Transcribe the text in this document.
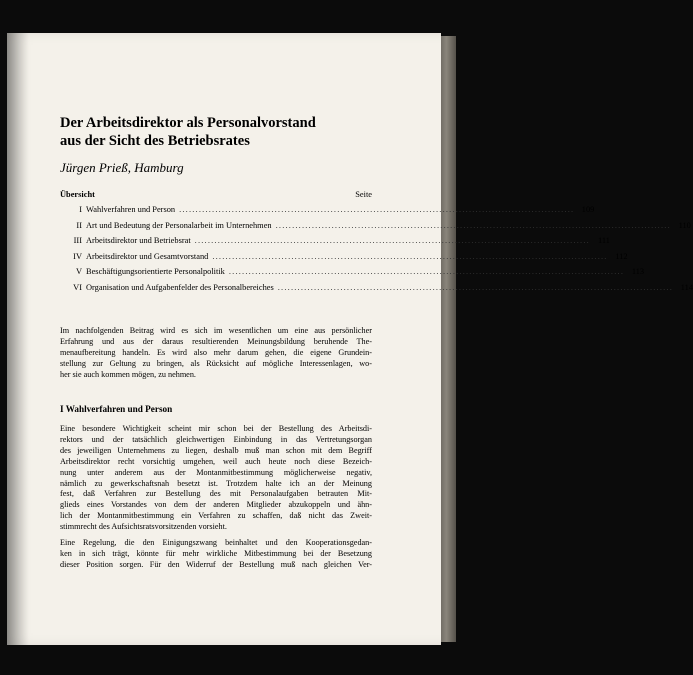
Der Arbeitsdirektor als Personalvorstand
aus der Sicht des Betriebsrates
Jürgen Prieß, Hamburg
Übersicht	Seite
I Wahlverfahren und Person ........................................................................................................................ 109
II Art und Bedeutung der Personalarbeit im Unternehmen ........................................................................................................................ 110
III Arbeitsdirektor und Betriebsrat ........................................................................................................................ 111
IV Arbeitsdirektor und Gesamtvorstand ........................................................................................................................ 112
V Beschäftigungsorientierte Personalpolitik ........................................................................................................................ 113
VI Organisation und Aufgabenfelder des Personalbereiches ........................................................................................................................ 114
Im nachfolgenden Beitrag wird es sich im wesentlichen um eine aus persönlicher
Erfahrung und aus der daraus resultierenden Meinungsbildung beruhende The-
menaufbereitung handeln. Es wird also mehr darum gehen, die eigene Grundein-
stellung zur Geltung zu bringen, als Rücksicht auf mögliche Interessenlagen, wo-
her sie auch kommen mögen, zu nehmen.
I Wahlverfahren und Person
Eine besondere Wichtigkeit scheint mir schon bei der Bestellung des Arbeitsdi-
rektors und der tatsächlich gleichwertigen Einbindung in das Vertretungsorgan
des jeweiligen Unternehmens zu liegen, deshalb muß man schon mit dem Begriff
Arbeitsdirektor recht vorsichtig umgehen, weil auch heute noch diese Bezeich-
nung unter anderem aus der Montanmitbestimmung möglicherweise negativ,
nämlich zu gewerkschaftsnah besetzt ist. Trotzdem halte ich an der Meinung
fest, daß Verfahren zur Bestellung des mit Personalaufgaben betrauten Mit-
glieds eines Vorstandes von dem der anderen Mitglieder abzukoppeln und ähn-
lich der Montanmitbestimmung ein Verfahren zu schaffen, daß nicht das Zweit-
stimmrecht des Aufsichtsratsvorsitzenden vorsieht.
Eine Regelung, die den Einigungszwang beinhaltet und den Kooperationsgedan-
ken in sich trägt, könnte für mehr wirkliche Mitbestimmung bei der Besetzung
dieser Position sorgen. Für den Widerruf der Bestellung muß nach gleichen Ver-
